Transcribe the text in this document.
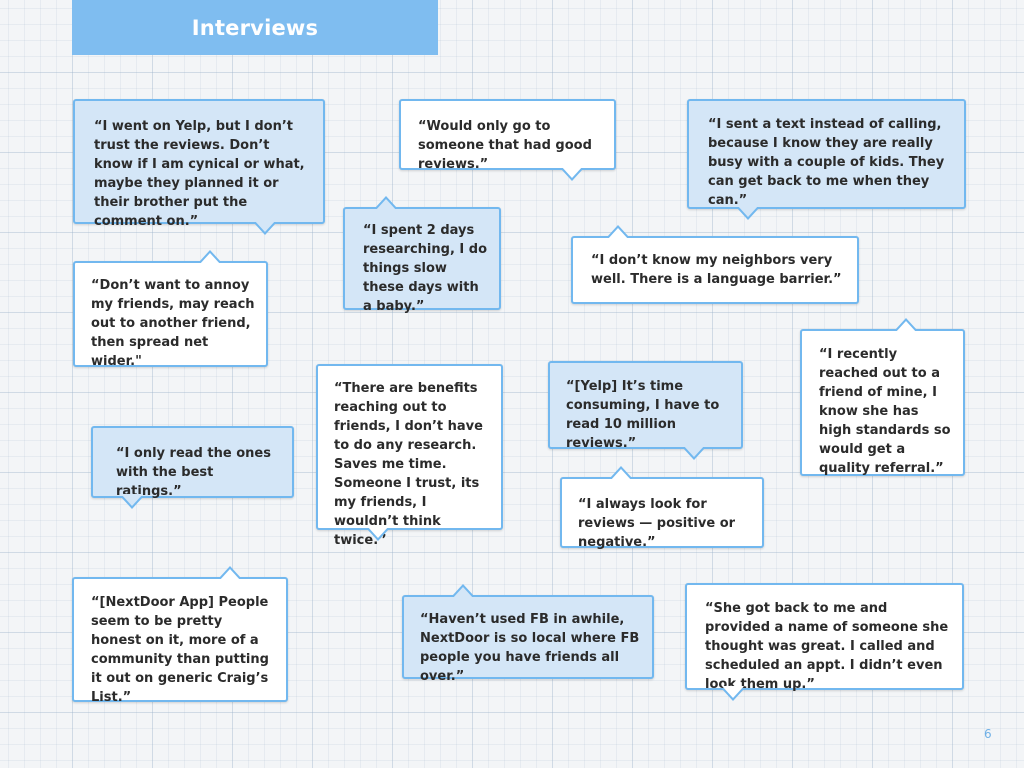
Interviews

“I went on Yelp, but I don’t trust the reviews. Don’t know if I am cynical or what, maybe they planned it or their brother put the comment on.”

“Would only go to someone that had good reviews.”

“I sent a text instead of calling, because I know they are really busy with a couple of kids. They can get back to me when they can.”

“I spent 2 days researching, I do things slow these days with a baby.”

“I don’t know my neighbors very well. There is a language barrier.”

“Don’t want to annoy my friends, may reach out to another friend, then spread net wider."	“I recently reached out to a friend of mine, I know she has high standards so would get a quality referral.”

“There are benefits reaching out to friends, I don’t have to do any research. Saves me time. Someone I trust, its my friends, I wouldn’t think twice.”

“[Yelp] It’s time consuming, I have to read 10 million reviews.”

“I only read the ones with the best ratings.”

“I always look for reviews — positive or negative.”

“[NextDoor App] People seem to be pretty honest on it, more of a community than putting it out on generic Craig’s List.”

“Haven’t used FB in awhile, NextDoor is so local where FB people you have friends all over.”

“She got back to me and provided a name of someone she thought was great. I called and scheduled an appt. I didn’t even look them up.”

6
